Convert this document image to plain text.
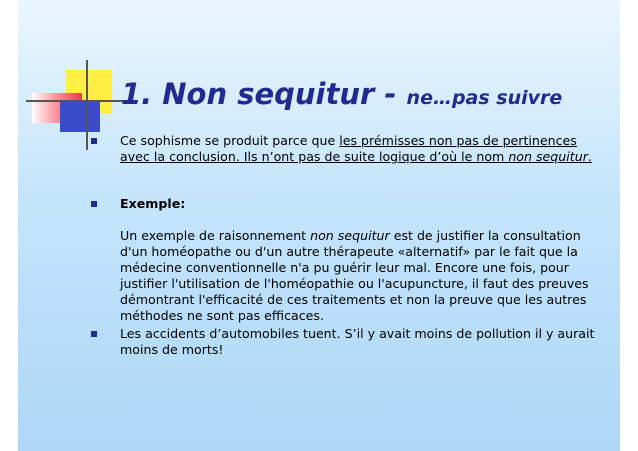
1. Non sequitur - ne…pas suivre
Ce sophisme se produit parce que les prémisses non pas de pertinences avec la conclusion. Ils n’ont pas de suite logique d’où le nom non sequitur.
Exemple:
Un exemple de raisonnement non sequitur est de justifier la consultation d'un homéopathe ou d'un autre thérapeute «alternatif» par le fait que la médecine conventionnelle n'a pu guérir leur mal. Encore une fois, pour justifier l'utilisation de l'homéopathie ou l'acupuncture, il faut des preuves démontrant l'efficacité de ces traitements et non la preuve que les autres méthodes ne sont pas efficaces.
Les accidents d’automobiles tuent. S’il y avait moins de pollution il y aurait moins de morts!
